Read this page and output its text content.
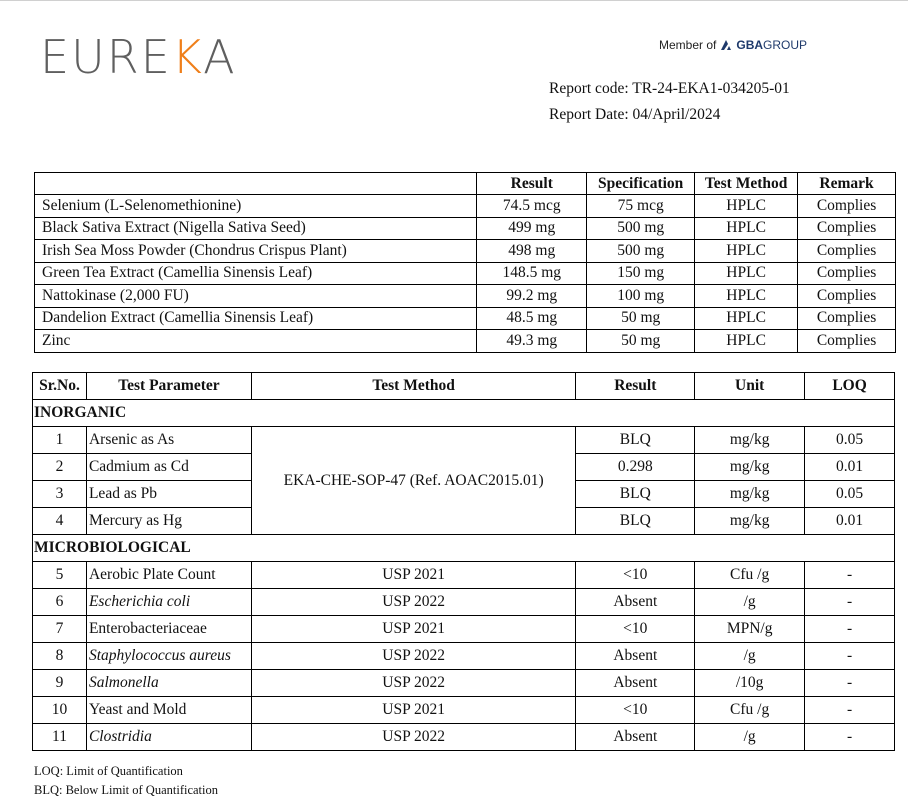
EUREKA	Member of GBAGROUP
Report code: TR-24-EKA1-034205-01
Report Date: 04/April/2024
	Result	Specification	Test Method	Remark
Selenium (L-Selenomethionine)	74.5 mcg	75 mcg	HPLC	Complies
Black Sativa Extract (Nigella Sativa Seed)	499 mg	500 mg	HPLC	Complies
Irish Sea Moss Powder (Chondrus Crispus Plant)	498 mg	500 mg	HPLC	Complies
Green Tea Extract (Camellia Sinensis Leaf)	148.5 mg	150 mg	HPLC	Complies
Nattokinase (2,000 FU)	99.2 mg	100 mg	HPLC	Complies
Dandelion Extract (Camellia Sinensis Leaf)	48.5 mg	50 mg	HPLC	Complies
Zinc	49.3 mg	50 mg	HPLC	Complies
Sr.No.	Test Parameter	Test Method	Result	Unit	LOQ
INORGANIC					
1	Arsenic as As	EKA-CHE-SOP-47 (Ref. AOAC2015.01)	BLQ	mg/kg	0.05
2	Cadmium as Cd		0.298	mg/kg	0.01
3	Lead as Pb		BLQ	mg/kg	0.05
4	Mercury as Hg		BLQ	mg/kg	0.01
MICROBIOLOGICAL					
5	Aerobic Plate Count	USP 2021	<10	Cfu /g	-
6	Escherichia coli	USP 2022	Absent	/g	-
7	Enterobacteriaceae	USP 2021	<10	MPN/g	-
8	Staphylococcus aureus	USP 2022	Absent	/g	-
9	Salmonella	USP 2022	Absent	/10g	-
10	Yeast and Mold	USP 2021	<10	Cfu /g	-
11	Clostridia	USP 2022	Absent	/g	-
LOQ: Limit of Quantification
BLQ: Below Limit of Quantification
